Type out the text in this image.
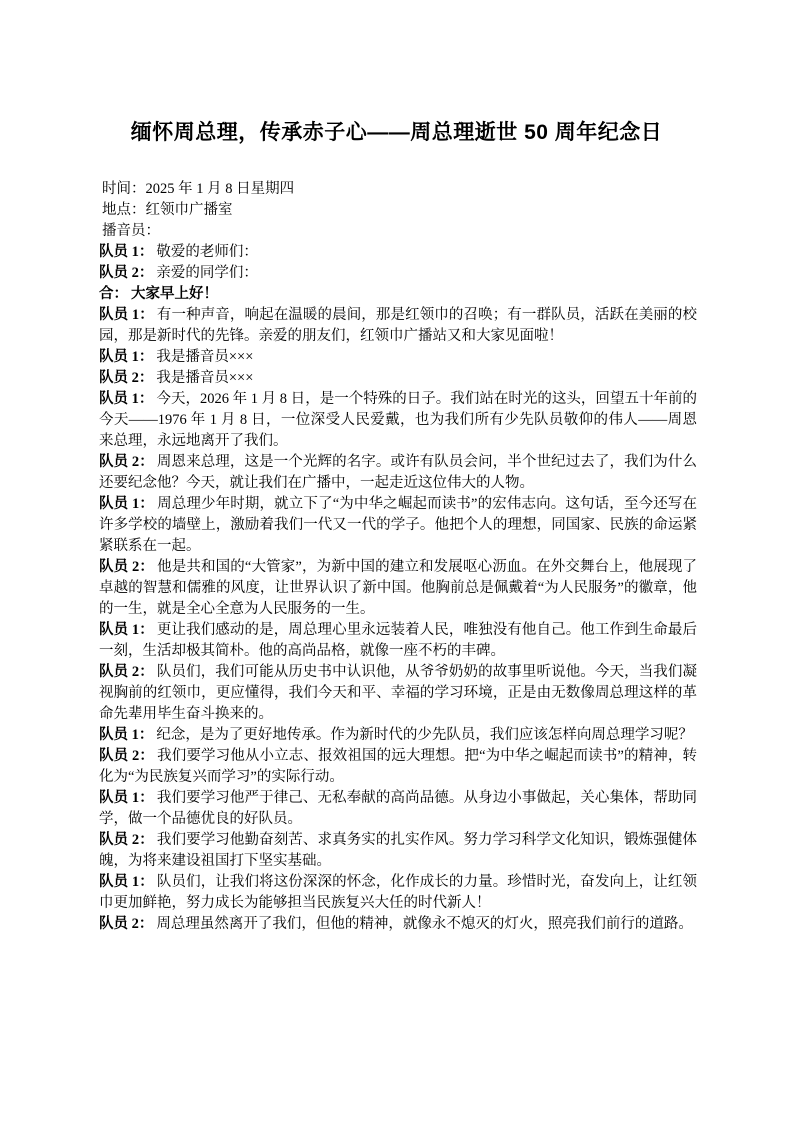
缅怀周总理，传承赤子心——周总理逝世 50 周年纪念日

时间：2025 年 1 月 8 日星期四

地点：红领巾广播室

播音员：

队员 1： 敬爱的老师们：

队员 2： 亲爱的同学们：

合： 大家早上好！

队员 1： 有一种声音，响起在温暖的晨间，那是红领巾的召唤；有一群队员，活跃在美丽的校园，那是新时代的先锋。亲爱的朋友们，红领巾广播站又和大家见面啦！

队员 1： 我是播音员×××

队员 2： 我是播音员×××

队员 1： 今天，2026 年 1 月 8 日，是一个特殊的日子。我们站在时光的这头，回望五十年前的今天——1976 年 1 月 8 日，一位深受人民爱戴，也为我们所有少先队员敬仰的伟人——周恩来总理，永远地离开了我们。

队员 2： 周恩来总理，这是一个光辉的名字。或许有队员会问，半个世纪过去了，我们为什么还要纪念他？今天，就让我们在广播中，一起走近这位伟大的人物。

队员 1： 周总理少年时期，就立下了“为中华之崛起而读书”的宏伟志向。这句话，至今还写在许多学校的墙壁上，激励着我们一代又一代的学子。他把个人的理想，同国家、民族的命运紧紧联系在一起。

队员 2： 他是共和国的“大管家”，为新中国的建立和发展呕心沥血。在外交舞台上，他展现了卓越的智慧和儒雅的风度，让世界认识了新中国。他胸前总是佩戴着“为人民服务”的徽章，他的一生，就是全心全意为人民服务的一生。

队员 1： 更让我们感动的是，周总理心里永远装着人民，唯独没有他自己。他工作到生命最后一刻，生活却极其简朴。他的高尚品格，就像一座不朽的丰碑。

队员 2： 队员们，我们可能从历史书中认识他，从爷爷奶奶的故事里听说他。今天，当我们凝视胸前的红领巾，更应懂得，我们今天和平、幸福的学习环境，正是由无数像周总理这样的革命先辈用毕生奋斗换来的。

队员 1： 纪念，是为了更好地传承。作为新时代的少先队员，我们应该怎样向周总理学习呢？

队员 2： 我们要学习他从小立志、报效祖国的远大理想。把“为中华之崛起而读书”的精神，转化为“为民族复兴而学习”的实际行动。

队员 1： 我们要学习他严于律己、无私奉献的高尚品德。从身边小事做起，关心集体，帮助同学，做一个品德优良的好队员。

队员 2： 我们要学习他勤奋刻苦、求真务实的扎实作风。努力学习科学文化知识，锻炼强健体魄，为将来建设祖国打下坚实基础。

队员 1： 队员们，让我们将这份深深的怀念，化作成长的力量。珍惜时光，奋发向上，让红领巾更加鲜艳，努力成长为能够担当民族复兴大任的时代新人！

队员 2： 周总理虽然离开了我们，但他的精神，就像永不熄灭的灯火，照亮我们前行的道路。
